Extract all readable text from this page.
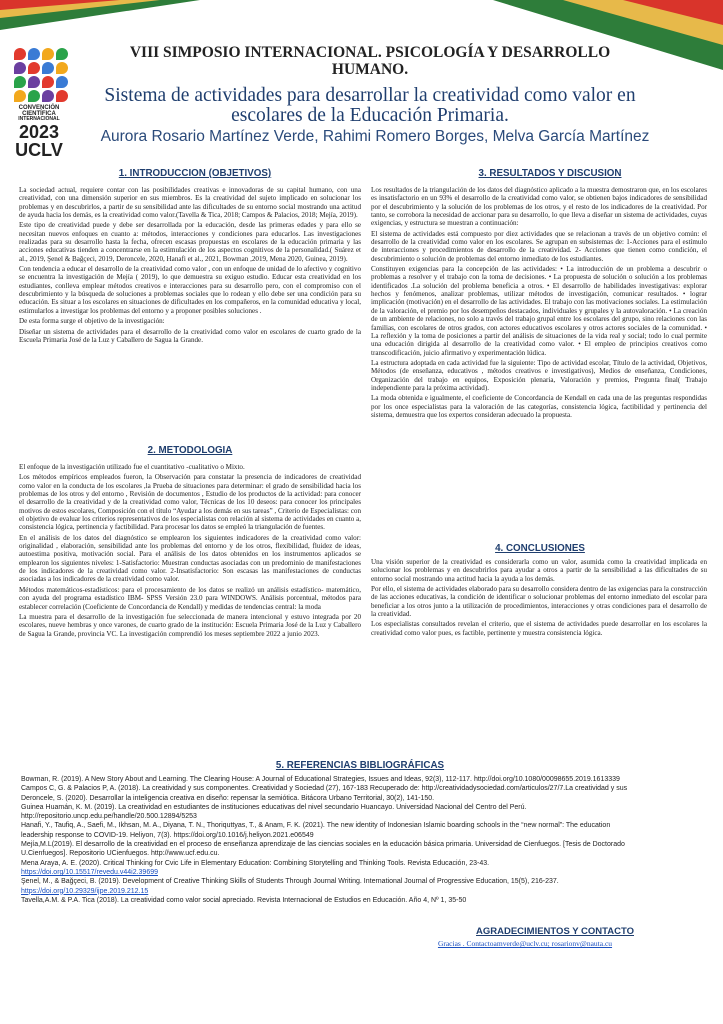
CONVENCIÓN
CIENTÍFICA
INTERNACIONAL
2023
UCLV
VIII SIMPOSIO INTERNACIONAL. PSICOLOGÍA Y DESARROLLO HUMANO.
Sistema de actividades para desarrollar la creatividad como valor en escolares de la Educación Primaria.
Aurora Rosario Martínez Verde, Rahimi Romero Borges, Melva García Martínez
1. INTRODUCCION (OBJETIVOS)

La sociedad actual, requiere contar con las posibilidades creativas e innovadoras de su capital humano, con una creatividad, con una dimensión superior en sus miembros. Es la creatividad del sujeto implicado en solucionar los problemas y en descubrirlos, a partir de su sensibilidad ante las dificultades de su entorno social mostrando una actitud de ayuda hacia los demás, es la creatividad como valor.(Tavella & Tica, 2018; Campos & Palacios, 2018; Mejía, 2019).

Este tipo de creatividad puede y debe ser desarrollada por la educación, desde las primeras edades y para ello se necesitan nuevos enfoques en cuanto a: métodos, interacciones y condiciones para educarlos. Las investigaciones realizadas para su desarrollo hasta la fecha, ofrecen escasas propuestas en escolares de la educación primaria y las acciones educativas tienden a concentrarse en la estimulación de los aspectos cognitivos de la personalidad.( Suárez et al., 2019, Şenel & Bağçeci, 2019, Deroncele, 2020, Hanafi et al., 2021, Bowman ,2019, Mena 2020, Guinea, 2019).

Con tendencia a educar el desarrollo de la creatividad como valor , con un enfoque de unidad de lo afectivo y cognitivo se encuentra la investigación de Mejía ( 2019), lo que demuestra su exiguo estudio. Educar esta creatividad en los estudiantes, conlleva emplear métodos creativos e interacciones para su desarrollo pero, con el compromiso con el descubrimiento y la búsqueda de soluciones a problemas sociales que lo rodean y ello debe ser una condición para su educación. Es situar a los escolares en situaciones de dificultades en los compañeros, en la comunidad educativa y local, estimularlos a investigar los problemas del entorno y a proponer posibles soluciones .

De esta forma surge el objetivo de la investigación:

Diseñar un sistema de actividades para el desarrollo de la creatividad como valor en escolares de cuarto grado de la Escuela Primaria José de la Luz y Caballero de Sagua la Grande.

2. METODOLOGIA

El enfoque de la investigación utilizado fue el cuantitativo -cualitativo o Mixto.

Los métodos empíricos empleados fueron, la Observación para constatar la presencia de indicadores de creatividad como valor en la conducta de los escolares ,la Prueba de situaciones para determinar: el grado de sensibilidad hacia los problemas de los otros y del entorno , Revisión de documentos , Estudio de los productos de la actividad: para conocer el desarrollo de la creatividad y de la creatividad como valor, Técnicas de los 10 deseos: para conocer los principales motivos de estos escolares, Composición con el título “Ayudar a los demás en sus tareas” , Criterio de Especialistas: con el objetivo de evaluar los criterios representativos de los especialistas con relación al sistema de actividades en cuanto a, consistencia lógica, pertinencia y factibilidad. Para procesar los datos se empleó la triangulación de fuentes.

En el análisis de los datos del diagnóstico se emplearon los siguientes indicadores de la creatividad como valor: originalidad , elaboración, sensibilidad ante los problemas del entorno y de los otros, flexibilidad, fluidez de ideas, autoestima positiva, motivación social. Para el análisis de los datos obtenidos en los instrumentos aplicados se emplearon los siguientes niveles: 1-Satisfactorio: Muestran conductas asociadas con un predominio de manifestaciones de los indicadores de la creatividad como valor. 2-Insatisfactorio: Son escasas las manifestaciones de conductas asociadas a los indicadores de la creatividad como valor.

Métodos matemáticos-estadísticos: para el procesamiento de los datos se realizó un análisis estadístico- matemático, con ayuda del programa estadístico IBM- SPSS Versión 23.0 para WINDOWS. Análisis porcentual, métodos para establecer correlación (Coeficiente de Concordancia de Kendall) y medidas de tendencias central: la moda

La muestra para el desarrollo de la investigación fue seleccionada de manera intencional y estuvo integrada por 20 escolares, nueve hembras y once varones, de cuarto grado de la institución: Escuela Primaria José de la Luz y Caballero de Sagua la Grande, provincia VC. La investigación comprendió los meses septiembre 2022 a junio 2023.

3. RESULTADOS Y DISCUSION

Los resultados de la triangulación de los datos del diagnóstico aplicado a la muestra demostraron que, en los escolares es insatisfactorio en un 93% el desarrollo de la creatividad como valor, se obtienen bajos indicadores de sensibilidad por el descubrimiento y la solución de los problemas de los otros, y el resto de los indicadores de la creatividad. Por tanto, se corrobora la necesidad de accionar para su desarrollo, lo que lleva a diseñar un sistema de actividades, cuyas exigencias, y estructura se muestran a continuación:

El sistema de actividades está compuesto por diez actividades que se relacionan a través de un objetivo común: el desarrollo de la creatividad como valor en los escolares. Se agrupan en subsistemas de: 1-Acciones para el estímulo de interacciones y procedimientos de desarrollo de la creatividad. 2- Acciones que tienen como condición, el descubrimiento o solución de problemas del entorno inmediato de los estudiantes.

Constituyen exigencias para la concepción de las actividades: • La introducción de un problema a descubrir o problemas a resolver y el trabajo con la toma de decisiones. • La propuesta de solución o solución a los problemas identificados .La solución del problema beneficia a otros. • El desarrollo de habilidades investigativas: explorar hechos y fenómenos, analizar problemas, utilizar métodos de investigación, comunicar resultados. • lograr implicación (motivación) en el desarrollo de las actividades. El trabajo con las motivaciones sociales. La estimulación de la valoración, el premio por los desempeños destacados, individuales y grupales y la autovaloración. • La creación de un ambiente de relaciones, no solo a través del trabajo grupal entre los escolares del grupo, sino relaciones con las familias, con escolares de otros grados, con actores educativos escolares y otros actores sociales de la comunidad. • La reflexión y la toma de posiciones a partir del análisis de situaciones de la vida real y social; todo lo cual permite una educación dirigida al desarrollo de la creatividad como valor. • El empleo de principios creativos como transcodificación, juicio afirmativo y experimentación lúdica.

La estructura adoptada en cada actividad fue la siguiente: Tipo de actividad escolar, Título de la actividad, Objetivos, Métodos (de enseñanza, educativos , métodos creativos e investigativos), Medios de enseñanza, Condiciones, Organización del trabajo en equipos, Exposición plenaria, Valoración y premios, Pregunta final( Trabajo independiente para la próxima actividad).

La moda obtenida e igualmente, el coeficiente de Concordancia de Kendall en cada una de las preguntas respondidas por los once especialistas para la valoración de las categorías, consistencia lógica, factibilidad y pertinencia del sistema, demuestra que los expertos consideran adecuado la propuesta.

4. CONCLUSIONES

Una visión superior de la creatividad es considerarla como un valor, asumida como la creatividad implicada en solucionar los problemas y en descubrirlos para ayudar a otros a partir de la sensibilidad a las dificultades de su entorno social mostrando una actitud hacia la ayuda a los demás.

Por ello, el sistema de actividades elaborado para su desarrollo considera dentro de las exigencias para la construcción de las acciones educativas, la condición de identificar o solucionar problemas del entorno inmediato del escolar para beneficiar a los otros junto a la utilización de procedimientos, interacciones y otras condiciones para el desarrollo de la creatividad.

Los especialistas consultados revelan el criterio, que el sistema de actividades puede desarrollar en los escolares la creatividad como valor pues, es factible, pertinente y muestra consistencia lógica.

5. REFERENCIAS BIBLIOGRÁFICAS

Bowman, R. (2019). A New Story About and Learning. The Clearing House: A Journal of Educational Strategies, Issues and Ideas, 92(3), 112-117. http://doi.org/10.1080/00098655.2019.1613339

Campos C, G. & Palacios P, A. (2018). La creatividad y sus componentes. Creatividad y Sociedad (27), 167-183 Recuperado de: http://creatividadysociedad.com/articulos/27/7.La creatividad y sus

Deroncele, S. (2020). Desarrollar la inteligencia creativa en diseño: repensar la semiótica. Bitácora Urbano Territorial, 30(2), 141-150.

Guinea Huamán, K. M. (2019). La creatividad en estudiantes de instituciones educativas del nivel secundario Huancayo. Universidad Nacional del Centro del Perú.

http://repositorio.uncp.edu.pe/handle/20.500.12894/5253

Hanafi, Y., Taufiq, A., Saefi, M., Ikhsan, M. A., Diyana, T. N., Thoriquttyas, T., & Anam, F. K. (2021). The new identity of Indonesian Islamic boarding schools in the “new normal”: The education

leadership response to COVID-19. Heliyon, 7(3). https://doi.org/10.1016/j.heliyon.2021.e06549

Mejía,M.L(2019). El desarrollo de la creatividad en el proceso de enseñanza aprendizaje de las ciencias sociales en la educación básica primaria. Universidad de Cienfuegos. [Tesis de Doctorado

U.Cienfuegos]. Repositorio UCienfuegos. http://www.ucf.edu.cu.

Mena Araya, A. E. (2020). Critical Thinking for Cvic Life in Elementary Education: Combining Storytelling and Thinking Tools. Revista Educación, 23-43.

https://doi.org/10.15517/revedu.v44i2.39699

Şenel, M., & Bağçeci, B. (2019). Development of Creative Thinking Skills of Students Through Journal Writing. International Journal of Progressive Education, 15(5), 216-237.

https://doi.org/10.29329/ijpe.2019.212.15

Tavella,A.M. & P.A. Tica (2018). La creatividad como valor social apreciado. Revista Internacional de Estudios en Educación. Año 4, Nº 1, 35-50

AGRADECIMIENTOS Y CONTACTO
Gracias . Contactoamverde@uclv.cu; rosarionv@nauta.cu
